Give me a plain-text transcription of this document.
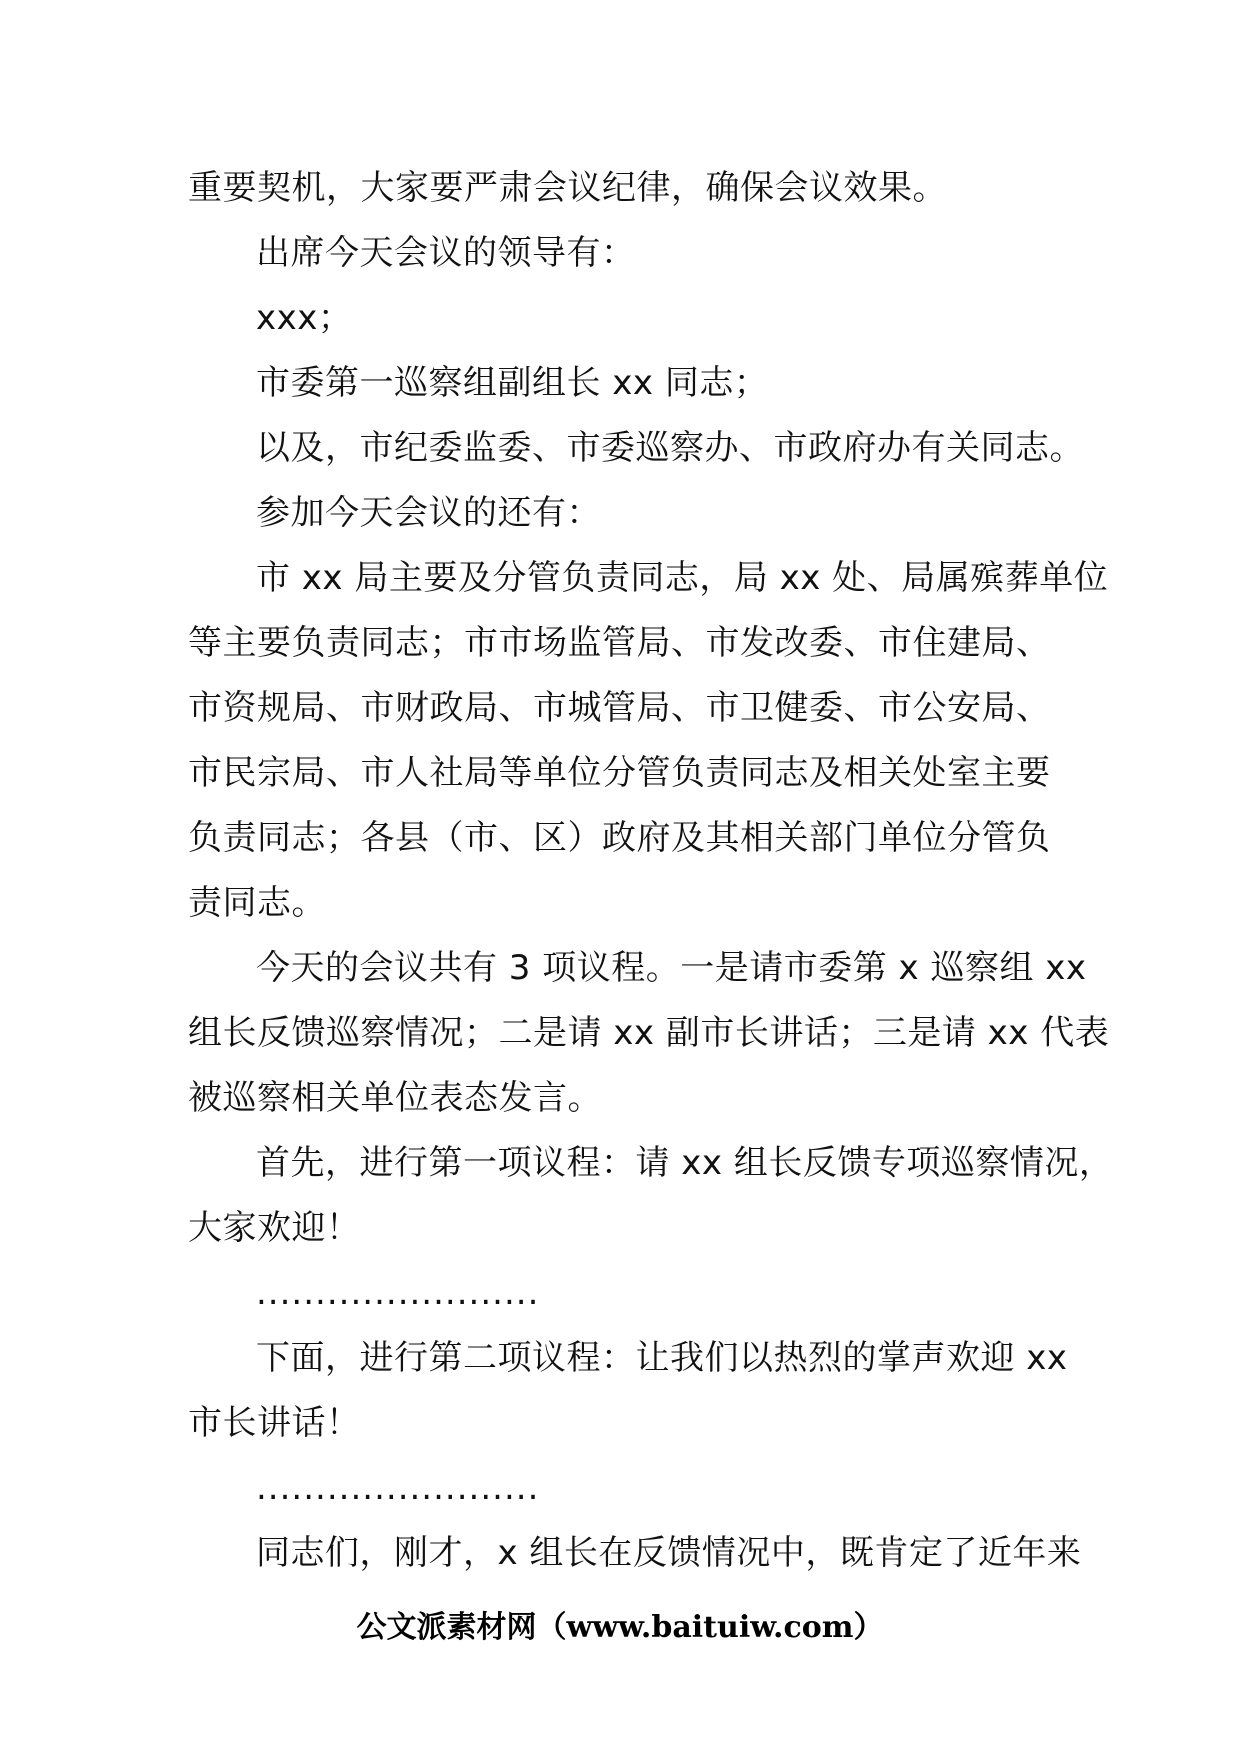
重要契机，大家要严肃会议纪律，确保会议效果。
出席今天会议的领导有：
xxx；
市委第一巡察组副组长 xx 同志；
以及，市纪委监委、市委巡察办、市政府办有关同志。
参加今天会议的还有：
市 xx 局主要及分管负责同志，局 xx 处、局属殡葬单位
等主要负责同志；市市场监管局、市发改委、市住建局、
市资规局、市财政局、市城管局、市卫健委、市公安局、
市民宗局、市人社局等单位分管负责同志及相关处室主要
负责同志；各县（市、区）政府及其相关部门单位分管负
责同志。
今天的会议共有 3 项议程。一是请市委第 x 巡察组 xx
组长反馈巡察情况；二是请 xx 副市长讲话；三是请 xx 代表
被巡察相关单位表态发言。
首先，进行第一项议程：请 xx 组长反馈专项巡察情况，
大家欢迎！
........................
下面，进行第二项议程：让我们以热烈的掌声欢迎 xx
市长讲话！
........................
同志们，刚才，x 组长在反馈情况中，既肯定了近年来
公文派素材网（www.baituiw.com）
